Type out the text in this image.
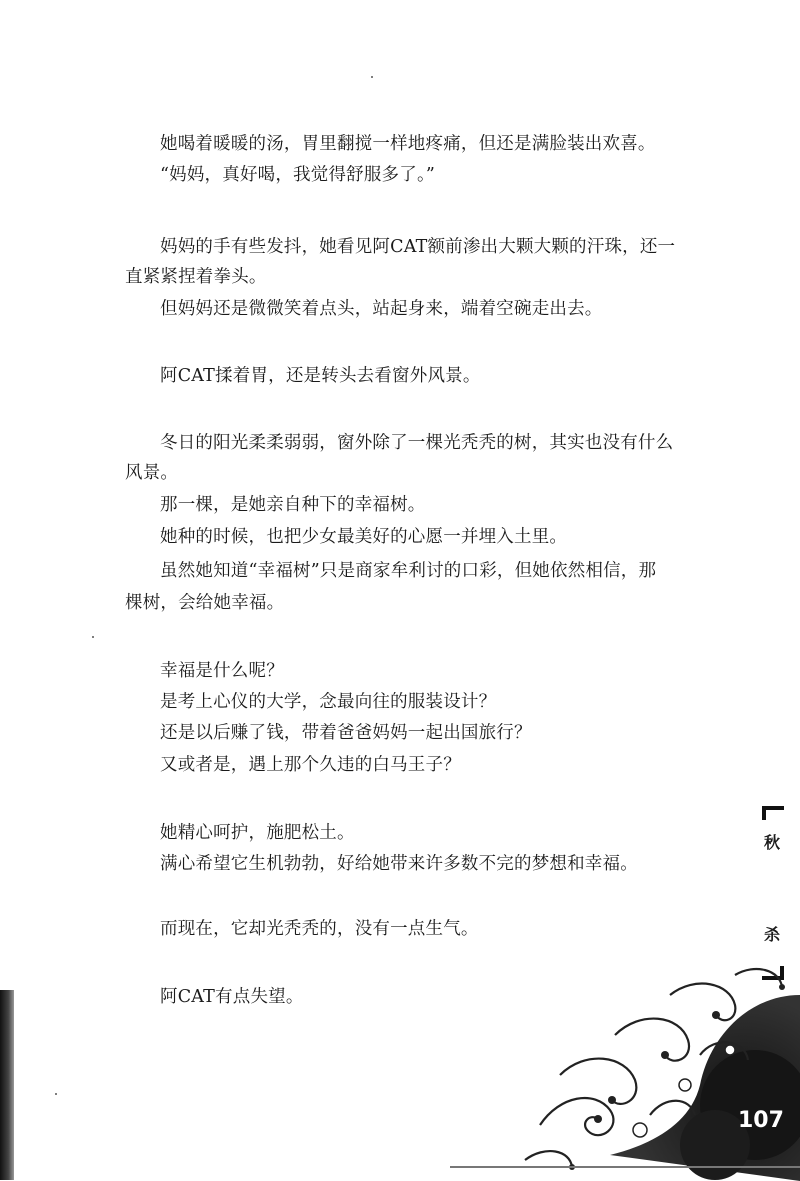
她喝着暖暖的汤，胃里翻搅一样地疼痛，但还是满脸装出欢喜。
“妈妈，真好喝，我觉得舒服多了。”
妈妈的手有些发抖，她看见阿CAT额前渗出大颗大颗的汗珠，还一
直紧紧捏着拳头。
但妈妈还是微微笑着点头，站起身来，端着空碗走出去。
阿CAT揉着胃，还是转头去看窗外风景。
冬日的阳光柔柔弱弱，窗外除了一棵光秃秃的树，其实也没有什么
风景。
那一棵，是她亲自种下的幸福树。
她种的时候，也把少女最美好的心愿一并埋入土里。
虽然她知道“幸福树”只是商家牟利讨的口彩，但她依然相信，那
棵树，会给她幸福。
幸福是什么呢？
是考上心仪的大学，念最向往的服装设计？
还是以后赚了钱，带着爸爸妈妈一起出国旅行？
又或者是，遇上那个久违的白马王子？
她精心呵护，施肥松土。
满心希望它生机勃勃，好给她带来许多数不完的梦想和幸福。
而现在，它却光秃秃的，没有一点生气。
阿CAT有点失望。
秋
杀
107
